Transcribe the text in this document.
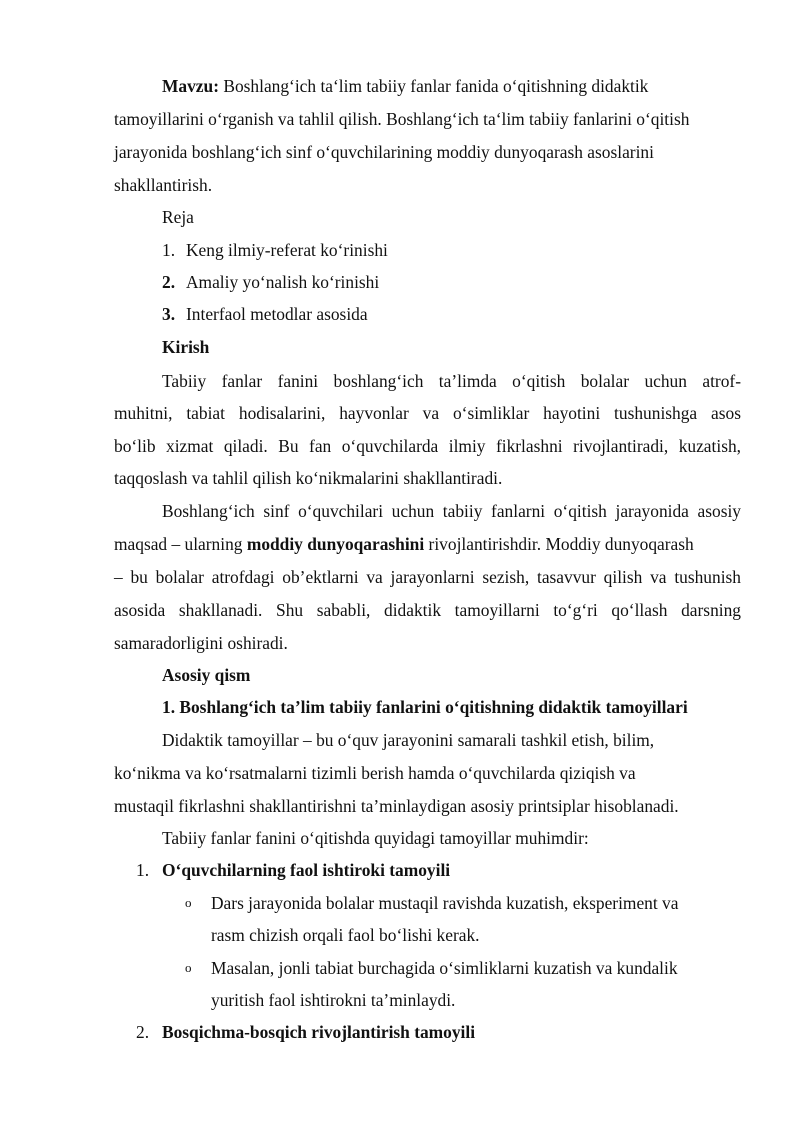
Mavzu: Boshlang‘ich ta‘lim tabiiy fanlar fanida o‘qitishning didaktik
tamoyillarini o‘rganish va tahlil qilish. Boshlang‘ich ta‘lim tabiiy fanlarini o‘qitish
jarayonida boshlang‘ich sinf o‘quvchilarining moddiy dunyoqarash asoslarini
shakllantirish.
Reja
1. Keng ilmiy-referat ko‘rinishi
2. Amaliy yo‘nalish ko‘rinishi
3. Interfaol metodlar asosida
Kirish
Tabiiy fanlar fanini boshlang‘ich ta’limda o‘qitish bolalar uchun atrof-
muhitni, tabiat hodisalarini, hayvonlar va o‘simliklar hayotini tushunishga asos
bo‘lib xizmat qiladi. Bu fan o‘quvchilarda ilmiy fikrlashni rivojlantiradi, kuzatish,
taqqoslash va tahlil qilish ko‘nikmalarini shakllantiradi.
Boshlang‘ich sinf o‘quvchilari uchun tabiiy fanlarni o‘qitish jarayonida asosiy
maqsad – ularning moddiy dunyoqarashini rivojlantirishdir. Moddiy dunyoqarash
– bu bolalar atrofdagi ob’ektlarni va jarayonlarni sezish, tasavvur qilish va tushunish
asosida shakllanadi. Shu sababli, didaktik tamoyillarni to‘g‘ri qo‘llash darsning
samaradorligini oshiradi.
Asosiy qism
1. Boshlang‘ich ta’lim tabiiy fanlarini o‘qitishning didaktik tamoyillari
Didaktik tamoyillar – bu o‘quv jarayonini samarali tashkil etish, bilim,
ko‘nikma va ko‘rsatmalarni tizimli berish hamda o‘quvchilarda qiziqish va
mustaqil fikrlashni shakllantirishni ta’minlaydigan asosiy printsiplar hisoblanadi.
Tabiiy fanlar fanini o‘qitishda quyidagi tamoyillar muhimdir:
1. O‘quvchilarning faol ishtiroki tamoyili
o Dars jarayonida bolalar mustaqil ravishda kuzatish, eksperiment va
rasm chizish orqali faol bo‘lishi kerak.
o Masalan, jonli tabiat burchagida o‘simliklarni kuzatish va kundalik
yuritish faol ishtirokni ta’minlaydi.
2. Bosqichma-bosqich rivojlantirish tamoyili
